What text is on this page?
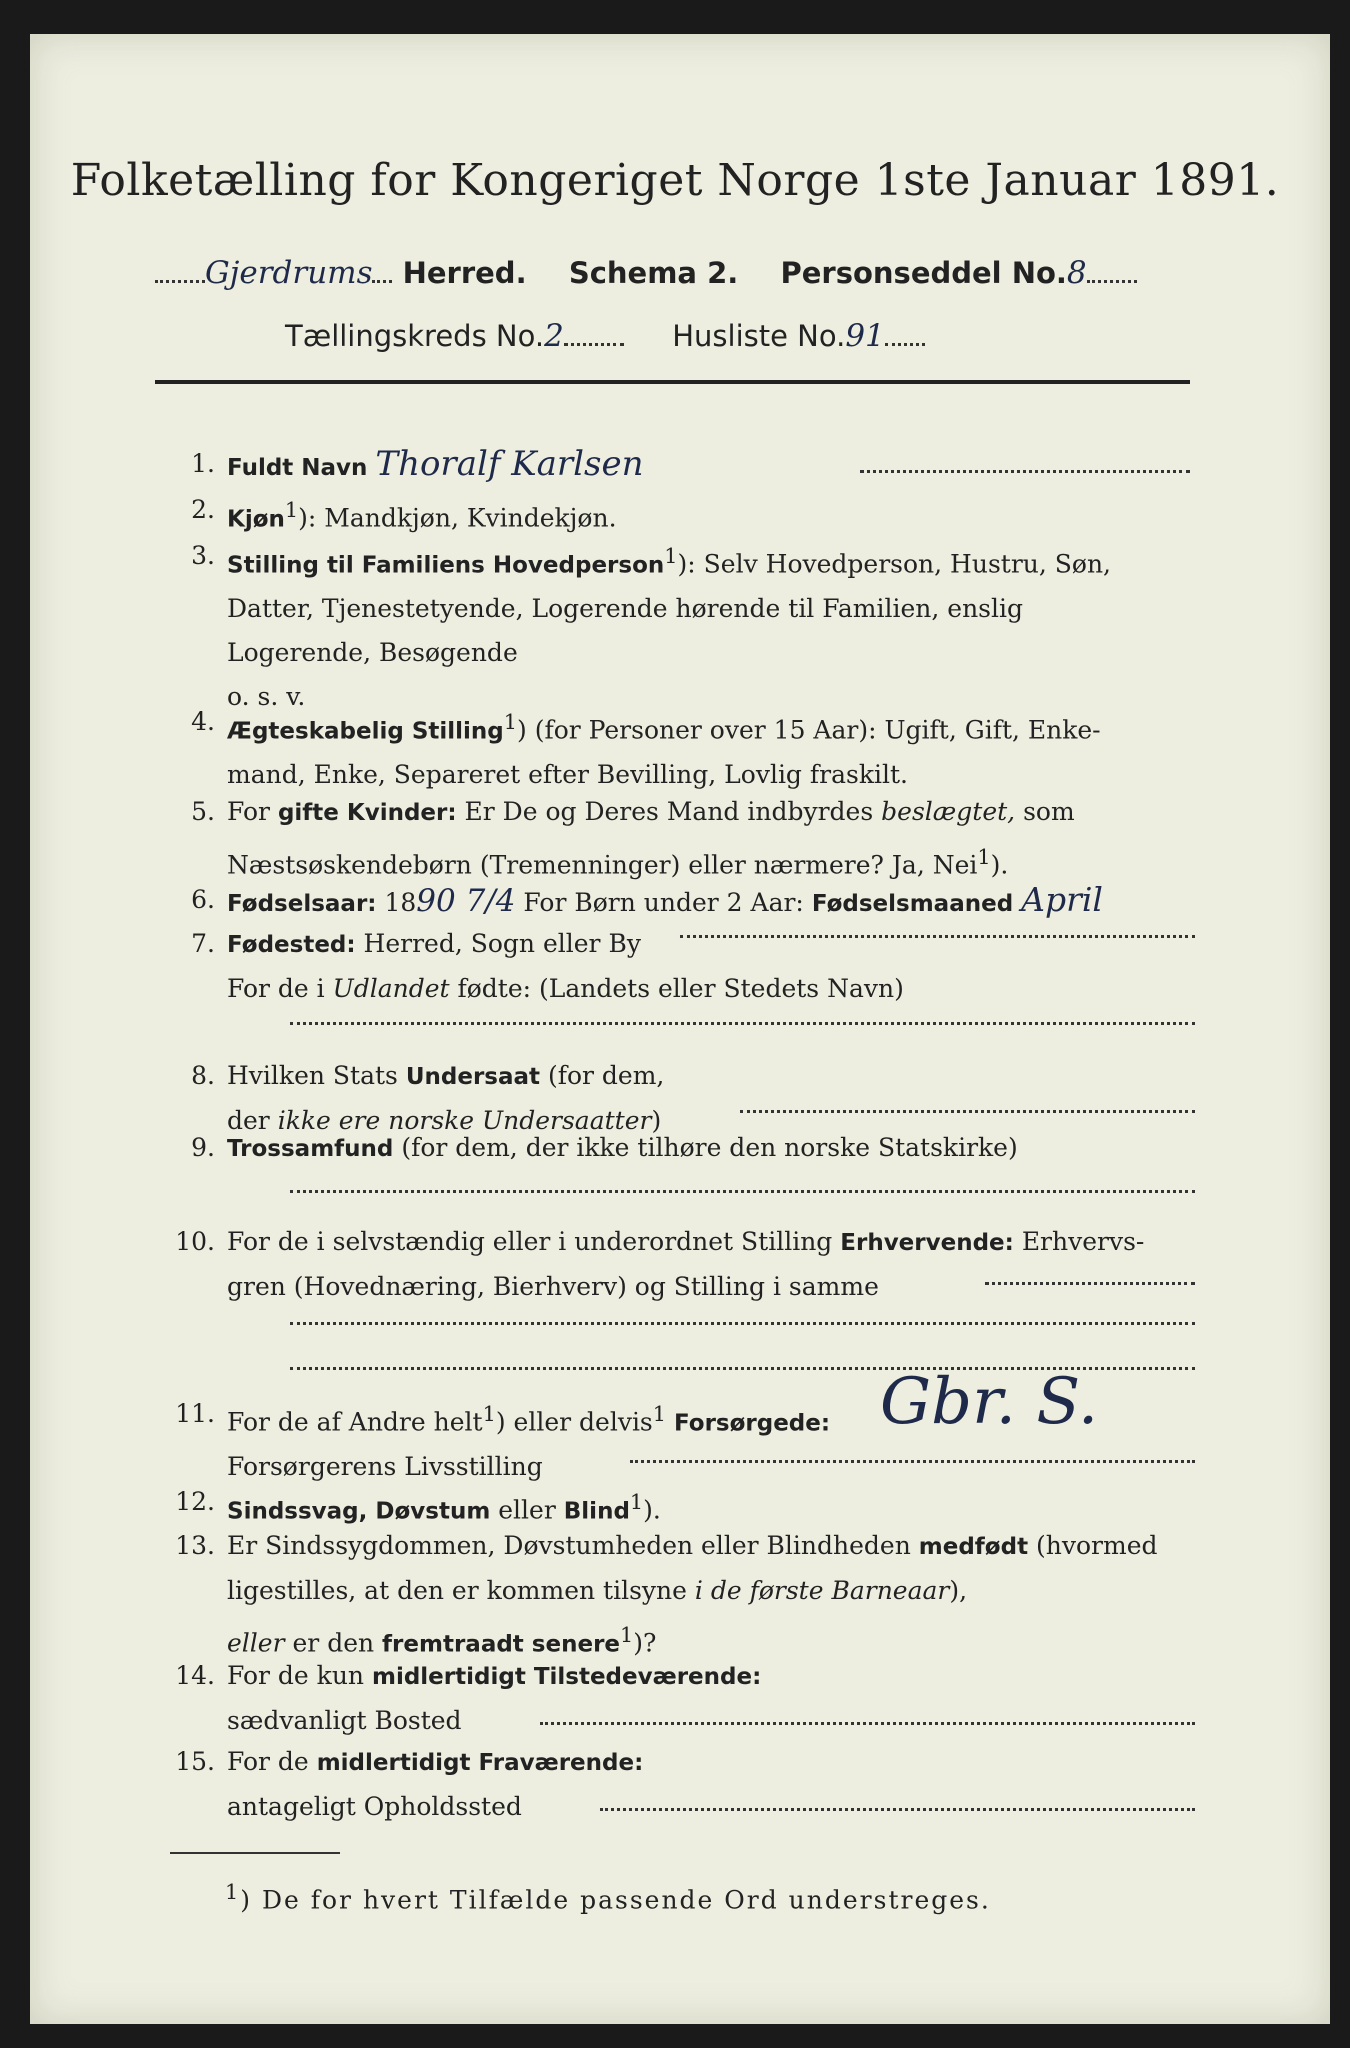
Folketælling for Kongeriget Norge 1ste Januar 1891.
Gjerdrums Herred. Schema 2. Personseddel No.8
Tællingskreds No.2	Husliste No.91
1. Fuldt Navn Thoralf Karlsen
2. Kjøn$^1$): Mandkjøn, Kvindekjøn.
3. Stilling til Familiens Hovedperson$^1$): Selv Hovedperson, Hustru, Søn,
Datter, Tjenestetyende, Logerende hørende til Familien, enslig
Logerende, Besøgende
o. s. v.
4. Ægteskabelig Stilling$^1$) (for Personer over 15 Aar): Ugift, Gift, Enke-
mand, Enke, Separeret efter Bevilling, Lovlig fraskilt.
5. For gifte Kvinder: Er De og Deres Mand indbyrdes beslægtet, som
Næstsøskendebørn (Tremenninger) eller nærmere? Ja, Nei$^1$).
6. Fødselsaar: 1890 7/4 For Børn under 2 Aar: Fødselsmaaned April
7. Fødested: Herred, Sogn eller By
For de i Udlandet fødte: (Landets eller Stedets Navn)
8. Hvilken Stats Undersaat (for dem,
der ikke ere norske Undersaatter)
9. Trossamfund (for dem, der ikke tilhøre den norske Statskirke)
10. For de i selvstændig eller i underordnet Stilling Erhvervende: Erhvervs-
gren (Hovednæring, Bierhverv) og Stilling i samme
11. For de af Andre helt$^1$) eller delvis$^1$ Forsørgede:
Forsørgerens Livsstilling
Gbr. S.
12. Sindssvag, Døvstum eller Blind$^1$).
13. Er Sindssygdommen, Døvstumheden eller Blindheden medfødt (hvormed
ligestilles, at den er kommen tilsyne i de første Barneaar),
eller er den fremtraadt senere$^1$)?
14. For de kun midlertidigt Tilstedeværende:
sædvanligt Bosted
15. For de midlertidigt Fraværende:
antageligt Opholdssted
$^1$) De for hvert Tilfælde passende Ord understreges.
